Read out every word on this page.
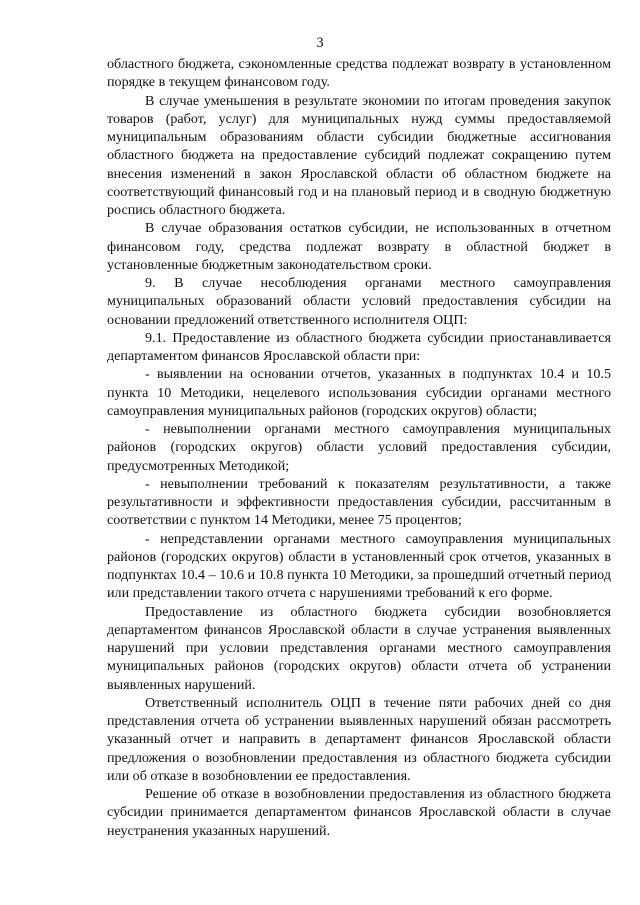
3

областного бюджета, сэкономленные средства подлежат возврату в установленном порядке в текущем финансовом году.

В случае уменьшения в результате экономии по итогам проведения закупок товаров (работ, услуг) для муниципальных нужд суммы предоставляемой муниципальным образованиям области субсидии бюджетные ассигнования областного бюджета на предоставление субсидий подлежат сокращению путем внесения изменений в закон Ярославской области об областном бюджете на соответствующий финансовый год и на плановый период и в сводную бюджетную роспись областного бюджета.

В случае образования остатков субсидии, не использованных в отчетном финансовом году, средства подлежат возврату в областной бюджет в установленные бюджетным законодательством сроки.

9. В случае несоблюдения органами местного самоуправления муниципальных образований области условий предоставления субсидии на основании предложений ответственного исполнителя ОЦП:

9.1. Предоставление из областного бюджета субсидии приостанавливается департаментом финансов Ярославской области при:

- выявлении на основании отчетов, указанных в подпунктах 10.4 и 10.5 пункта 10 Методики, нецелевого использования субсидии органами местного самоуправления муниципальных районов (городских округов) области;

- невыполнении органами местного самоуправления муниципальных районов (городских округов) области условий предоставления субсидии, предусмотренных Методикой;

- невыполнении требований к показателям результативности, а также результативности и эффективности предоставления субсидии, рассчитанным в соответствии с пунктом 14 Методики, менее 75 процентов;

- непредставлении органами местного самоуправления муниципальных районов (городских округов) области в установленный срок отчетов, указанных в подпунктах 10.4 – 10.6 и 10.8 пункта 10 Методики, за прошедший отчетный период или представлении такого отчета с нарушениями требований к его форме.

Предоставление из областного бюджета субсидии возобновляется департаментом финансов Ярославской области в случае устранения выявленных нарушений при условии представления органами местного самоуправления муниципальных районов (городских округов) области отчета об устранении выявленных нарушений.

Ответственный исполнитель ОЦП в течение пяти рабочих дней со дня представления отчета об устранении выявленных нарушений обязан рассмотреть указанный отчет и направить в департамент финансов Ярославской области предложения о возобновлении предоставления из областного бюджета субсидии или об отказе в возобновлении ее предоставления.

Решение об отказе в возобновлении предоставления из областного бюджета субсидии принимается департаментом финансов Ярославской области в случае неустранения указанных нарушений.
